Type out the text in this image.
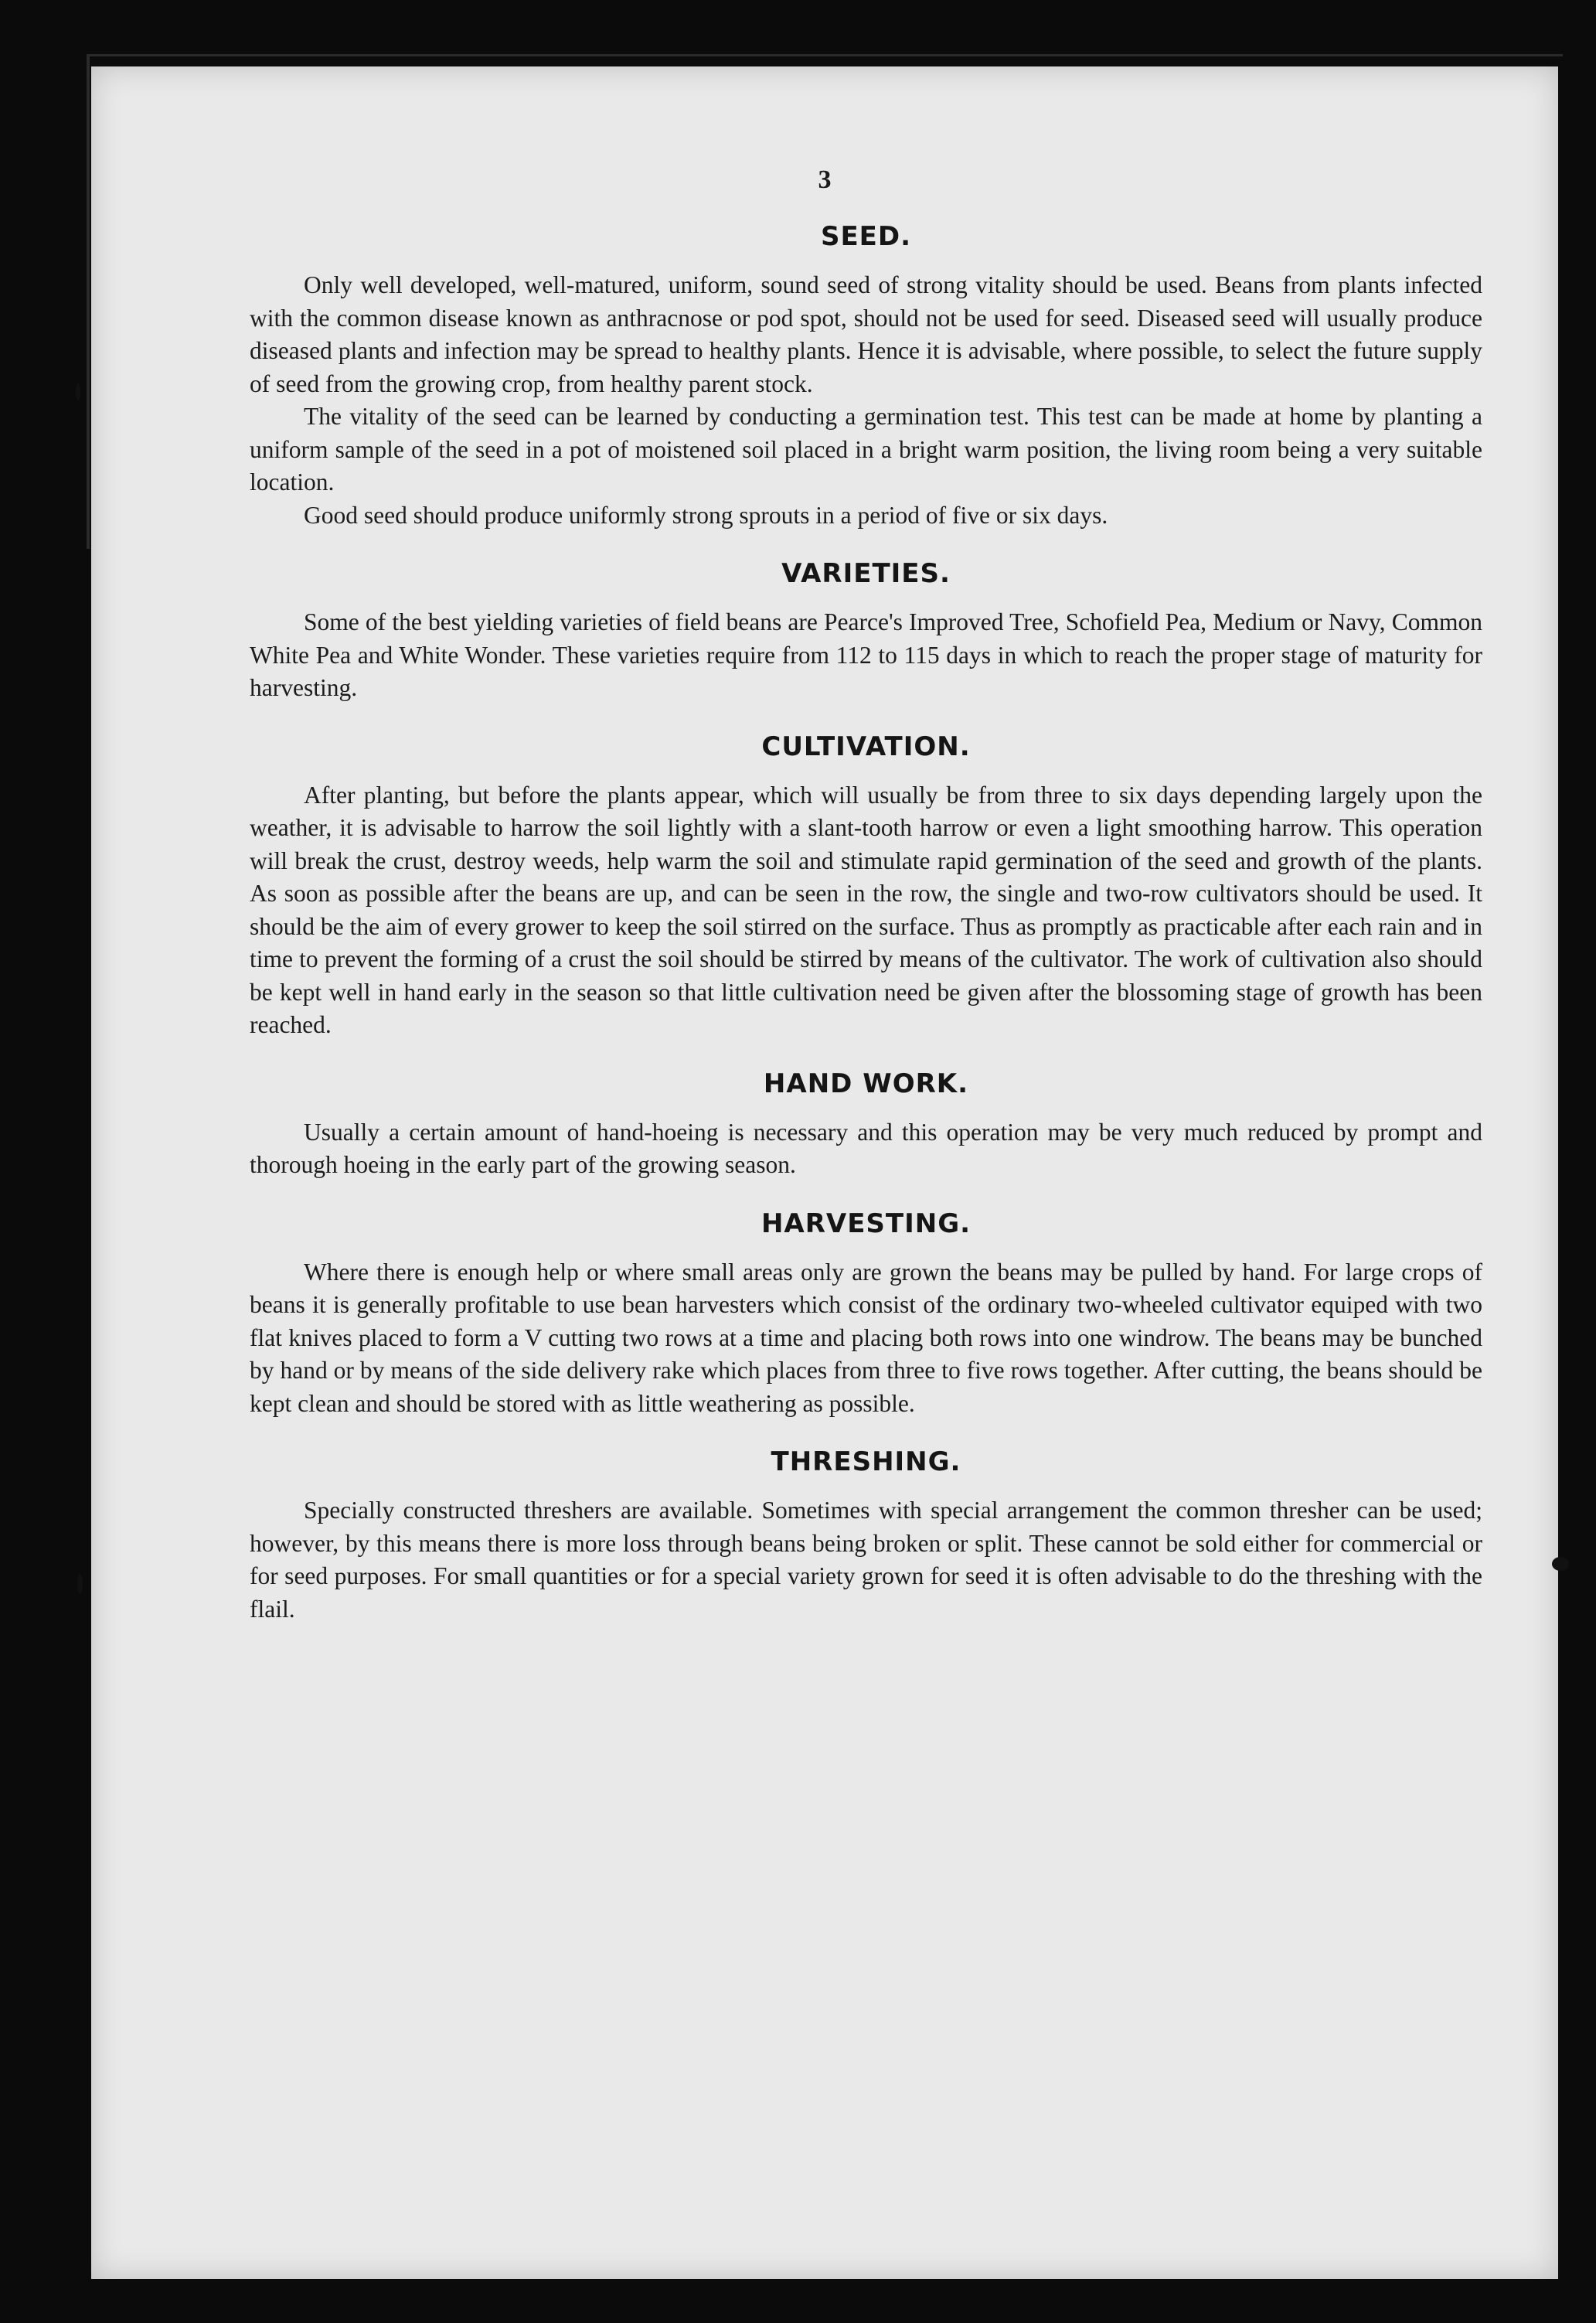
3
SEED.

Only well developed, well-matured, uniform, sound seed of strong vitality should be used. Beans from plants infected with the common disease known as anthracnose or pod spot, should not be used for seed. Diseased seed will usually produce diseased plants and infection may be spread to healthy plants. Hence it is advisable, where possible, to select the future supply of seed from the growing crop, from healthy parent stock.

The vitality of the seed can be learned by conducting a germination test. This test can be made at home by planting a uniform sample of the seed in a pot of moistened soil placed in a bright warm position, the living room being a very suitable location.

Good seed should produce uniformly strong sprouts in a period of five or six days.

VARIETIES.

Some of the best yielding varieties of field beans are Pearce's Improved Tree, Schofield Pea, Medium or Navy, Common White Pea and White Wonder. These varieties require from 112 to 115 days in which to reach the proper stage of maturity for harvesting.

CULTIVATION.

After planting, but before the plants appear, which will usually be from three to six days depending largely upon the weather, it is advisable to harrow the soil lightly with a slant-tooth harrow or even a light smoothing harrow. This operation will break the crust, destroy weeds, help warm the soil and stimulate rapid germination of the seed and growth of the plants. As soon as possible after the beans are up, and can be seen in the row, the single and two-row cultivators should be used. It should be the aim of every grower to keep the soil stirred on the surface. Thus as promptly as practicable after each rain and in time to prevent the forming of a crust the soil should be stirred by means of the cultivator. The work of cultivation also should be kept well in hand early in the season so that little cultivation need be given after the blossoming stage of growth has been reached.

HAND WORK.

Usually a certain amount of hand-hoeing is necessary and this operation may be very much reduced by prompt and thorough hoeing in the early part of the growing season.

HARVESTING.

Where there is enough help or where small areas only are grown the beans may be pulled by hand. For large crops of beans it is generally profitable to use bean harvesters which consist of the ordinary two-wheeled cultivator equiped with two flat knives placed to form a V cutting two rows at a time and placing both rows into one windrow. The beans may be bunched by hand or by means of the side delivery rake which places from three to five rows together. After cutting, the beans should be kept clean and should be stored with as little weathering as possible.

THRESHING.

Specially constructed threshers are available. Sometimes with special arrangement the common thresher can be used; however, by this means there is more loss through beans being broken or split. These cannot be sold either for commercial or for seed purposes. For small quantities or for a special variety grown for seed it is often advisable to do the threshing with the flail.
